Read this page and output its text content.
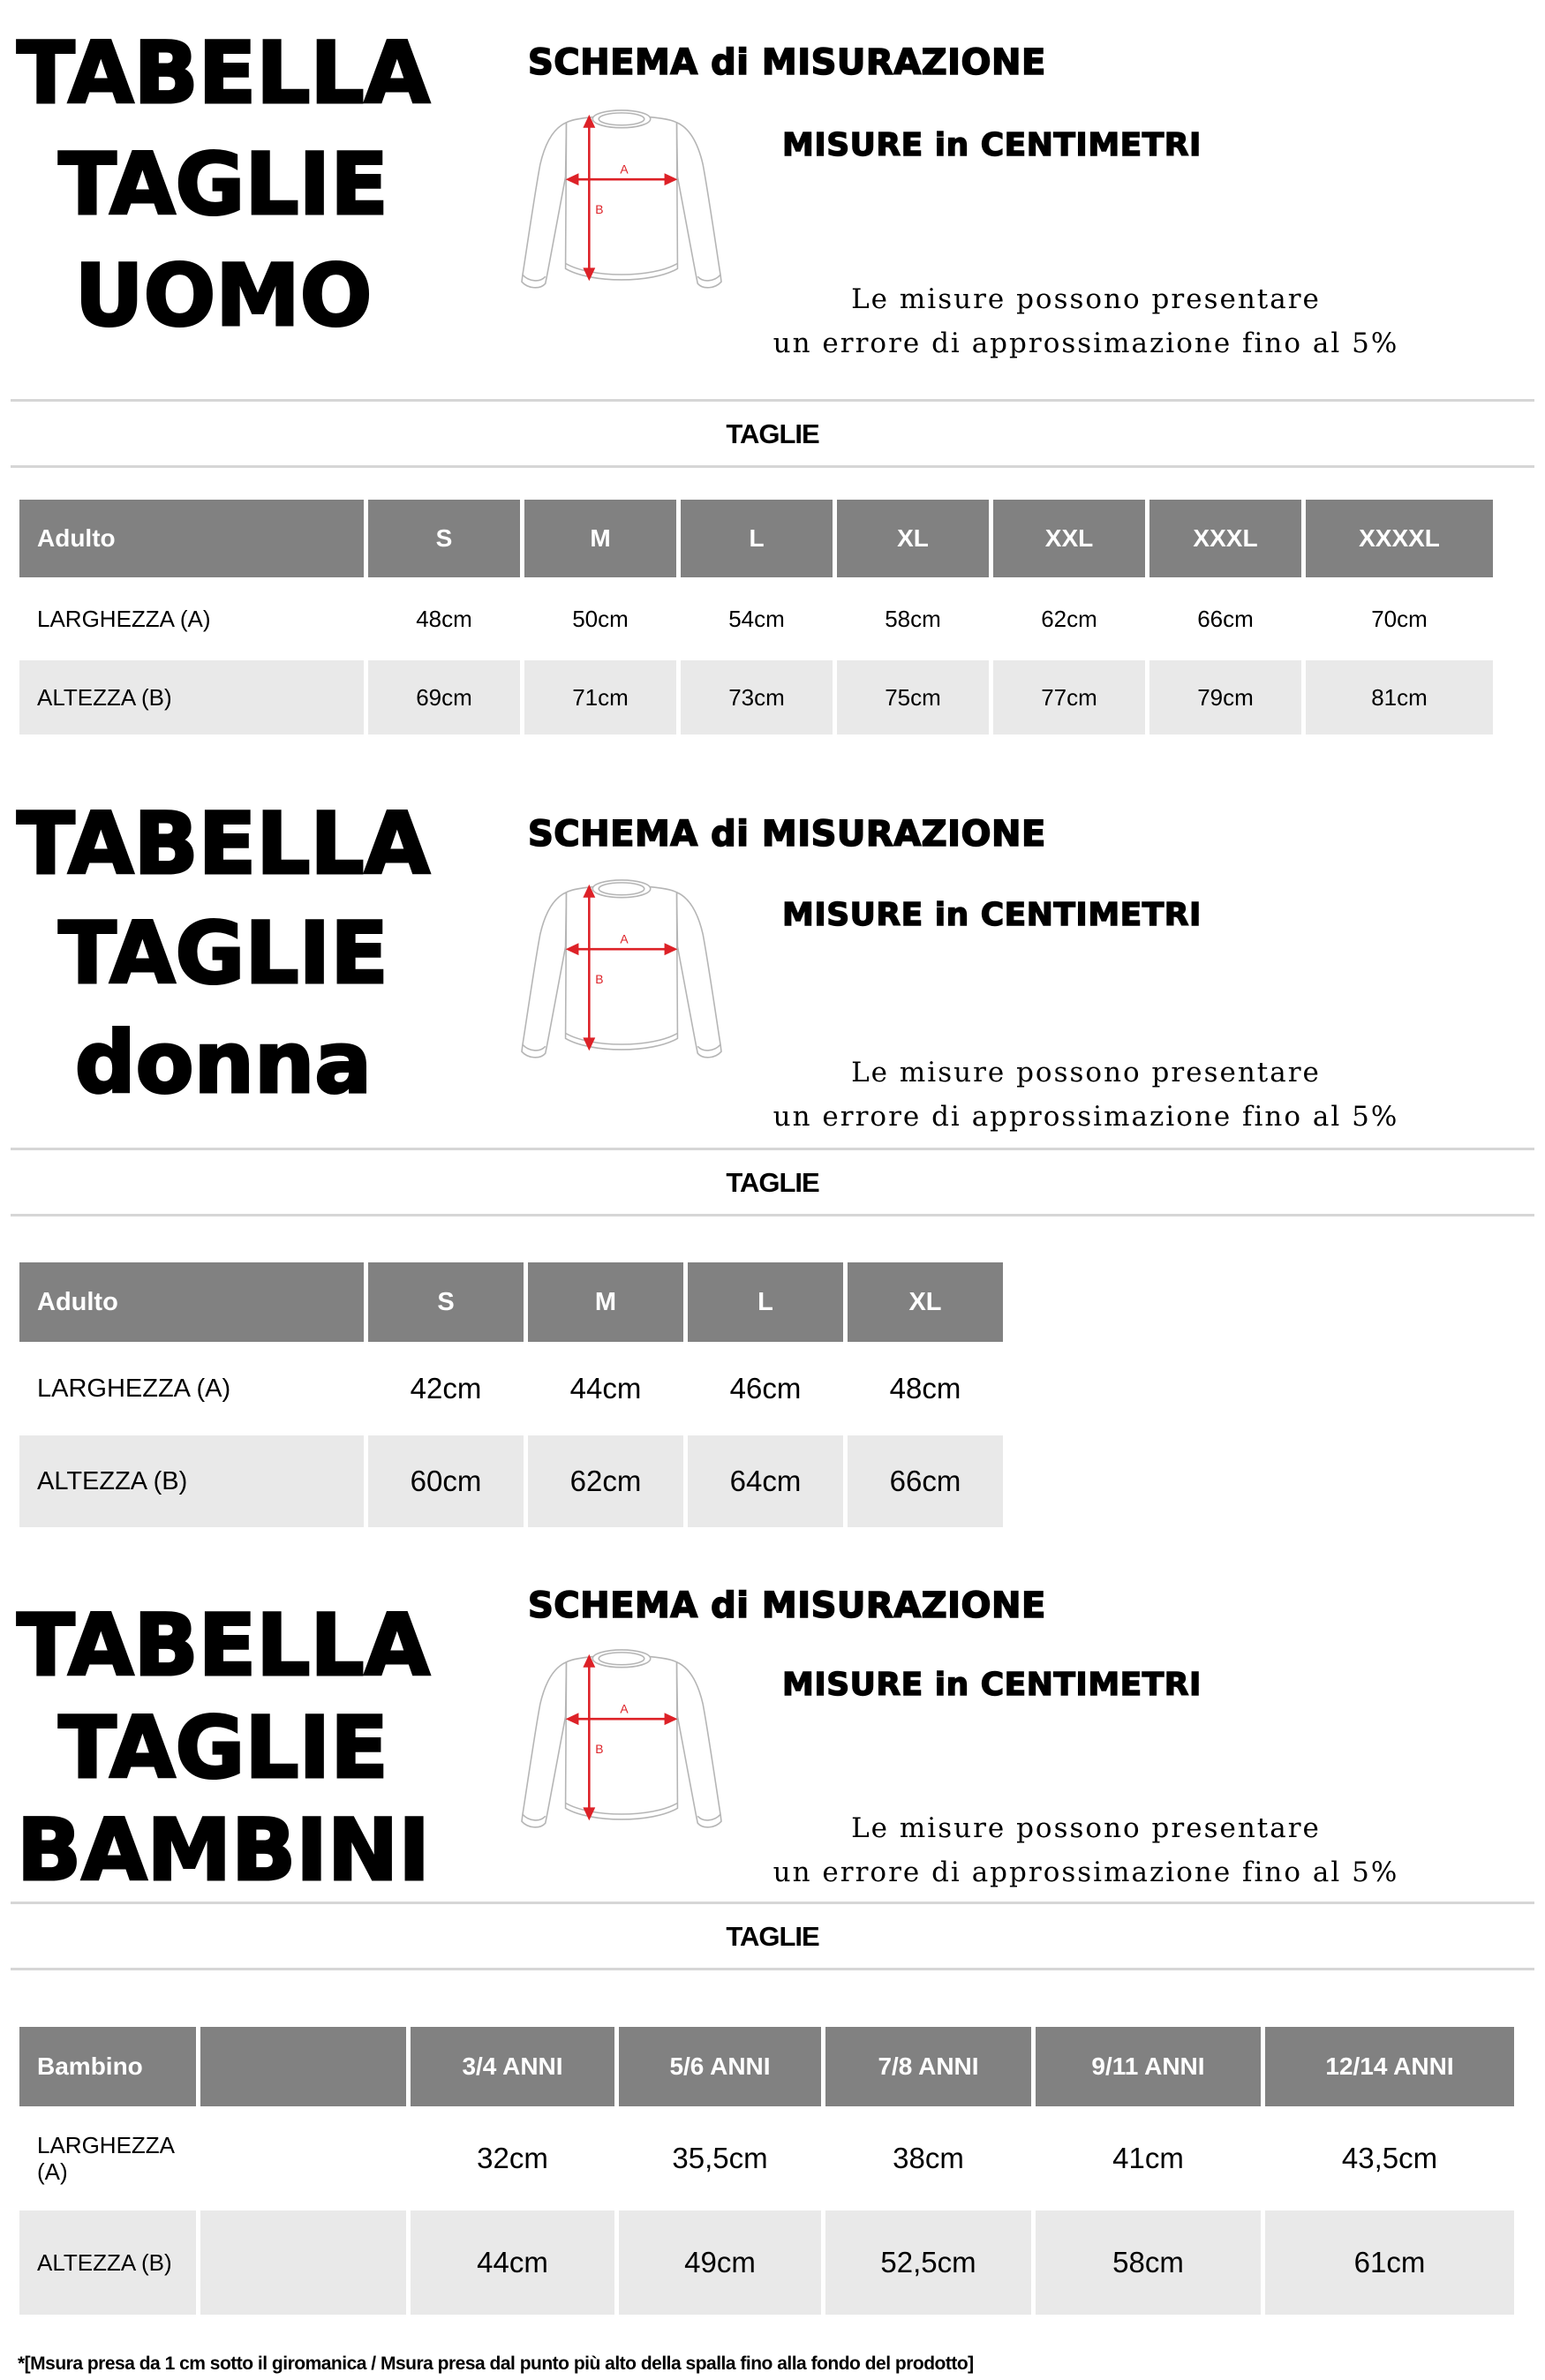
TABELLA
TAGLIE
UOMO
SCHEMA di MISURAZIONE
A
B
MISURE in CENTIMETRI
Le misure possono presentare
un errore di approssimazione fino al 5%
TAGLIE
Adulto	S	M	L	XL	XXL	XXXL	XXXXL
LARGHEZZA (A)	48cm	50cm	54cm	58cm	62cm	66cm	70cm
ALTEZZA (B)	69cm	71cm	73cm	75cm	77cm	79cm	81cm
TABELLA
TAGLIE
donna
SCHEMA di MISURAZIONE
A
B
MISURE in CENTIMETRI
Le misure possono presentare
un errore di approssimazione fino al 5%
TAGLIE
Adulto	S	M	L	XL
LARGHEZZA (A)	42cm	44cm	46cm	48cm
ALTEZZA (B)	60cm	62cm	64cm	66cm
TABELLA
TAGLIE
BAMBINI
SCHEMA di MISURAZIONE
A
B
MISURE in CENTIMETRI
Le misure possono presentare
un errore di approssimazione fino al 5%
TAGLIE
Bambino		3/4 ANNI	5/6 ANNI	7/8 ANNI	9/11 ANNI	12/14 ANNI
LARGHEZZA (A)		32cm	35,5cm	38cm	41cm	43,5cm
ALTEZZA (B)		44cm	49cm	52,5cm	58cm	61cm
*[Msura presa da 1 cm sotto il giromanica / Msura presa dal punto più alto della spalla fino alla fondo del prodotto]
